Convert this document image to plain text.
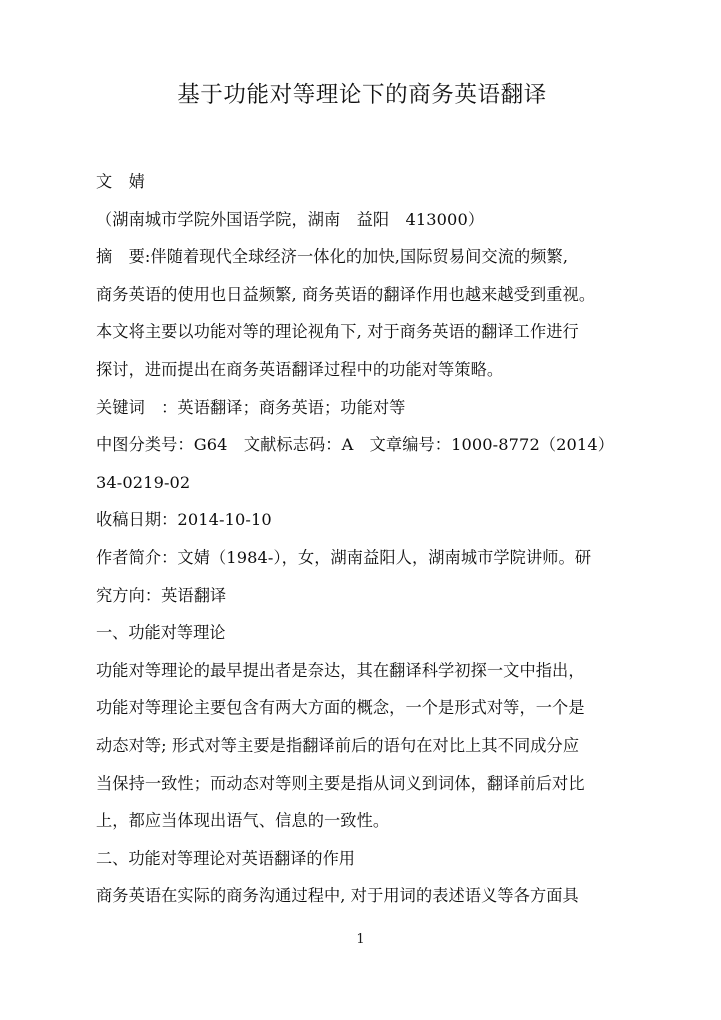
基于功能对等理论下的商务英语翻译
文　婧
（湖南城市学院外国语学院，湖南　益阳　413000）
摘　要:伴随着现代全球经济一体化的加快,国际贸易间交流的频繁,
商务英语的使用也日益频繁, 商务英语的翻译作用也越来越受到重视。
本文将主要以功能对等的理论视角下, 对于商务英语的翻译工作进行
探讨，进而提出在商务英语翻译过程中的功能对等策略。
关键词　：英语翻译；商务英语；功能对等
中图分类号：G64　文献标志码：A　文章编号：1000-8772（2014）
34-0219-02
收稿日期：2014-10-10
作者简介：文婧（1984-），女，湖南益阳人，湖南城市学院讲师。研
究方向：英语翻译
一、功能对等理论
功能对等理论的最早提出者是奈达，其在翻译科学初探一文中指出，
功能对等理论主要包含有两大方面的概念，一个是形式对等，一个是
动态对等; 形式对等主要是指翻译前后的语句在对比上其不同成分应
当保持一致性；而动态对等则主要是指从词义到词体，翻译前后对比
上，都应当体现出语气、信息的一致性。
二、功能对等理论对英语翻译的作用
商务英语在实际的商务沟通过程中, 对于用词的表述语义等各方面具
1
